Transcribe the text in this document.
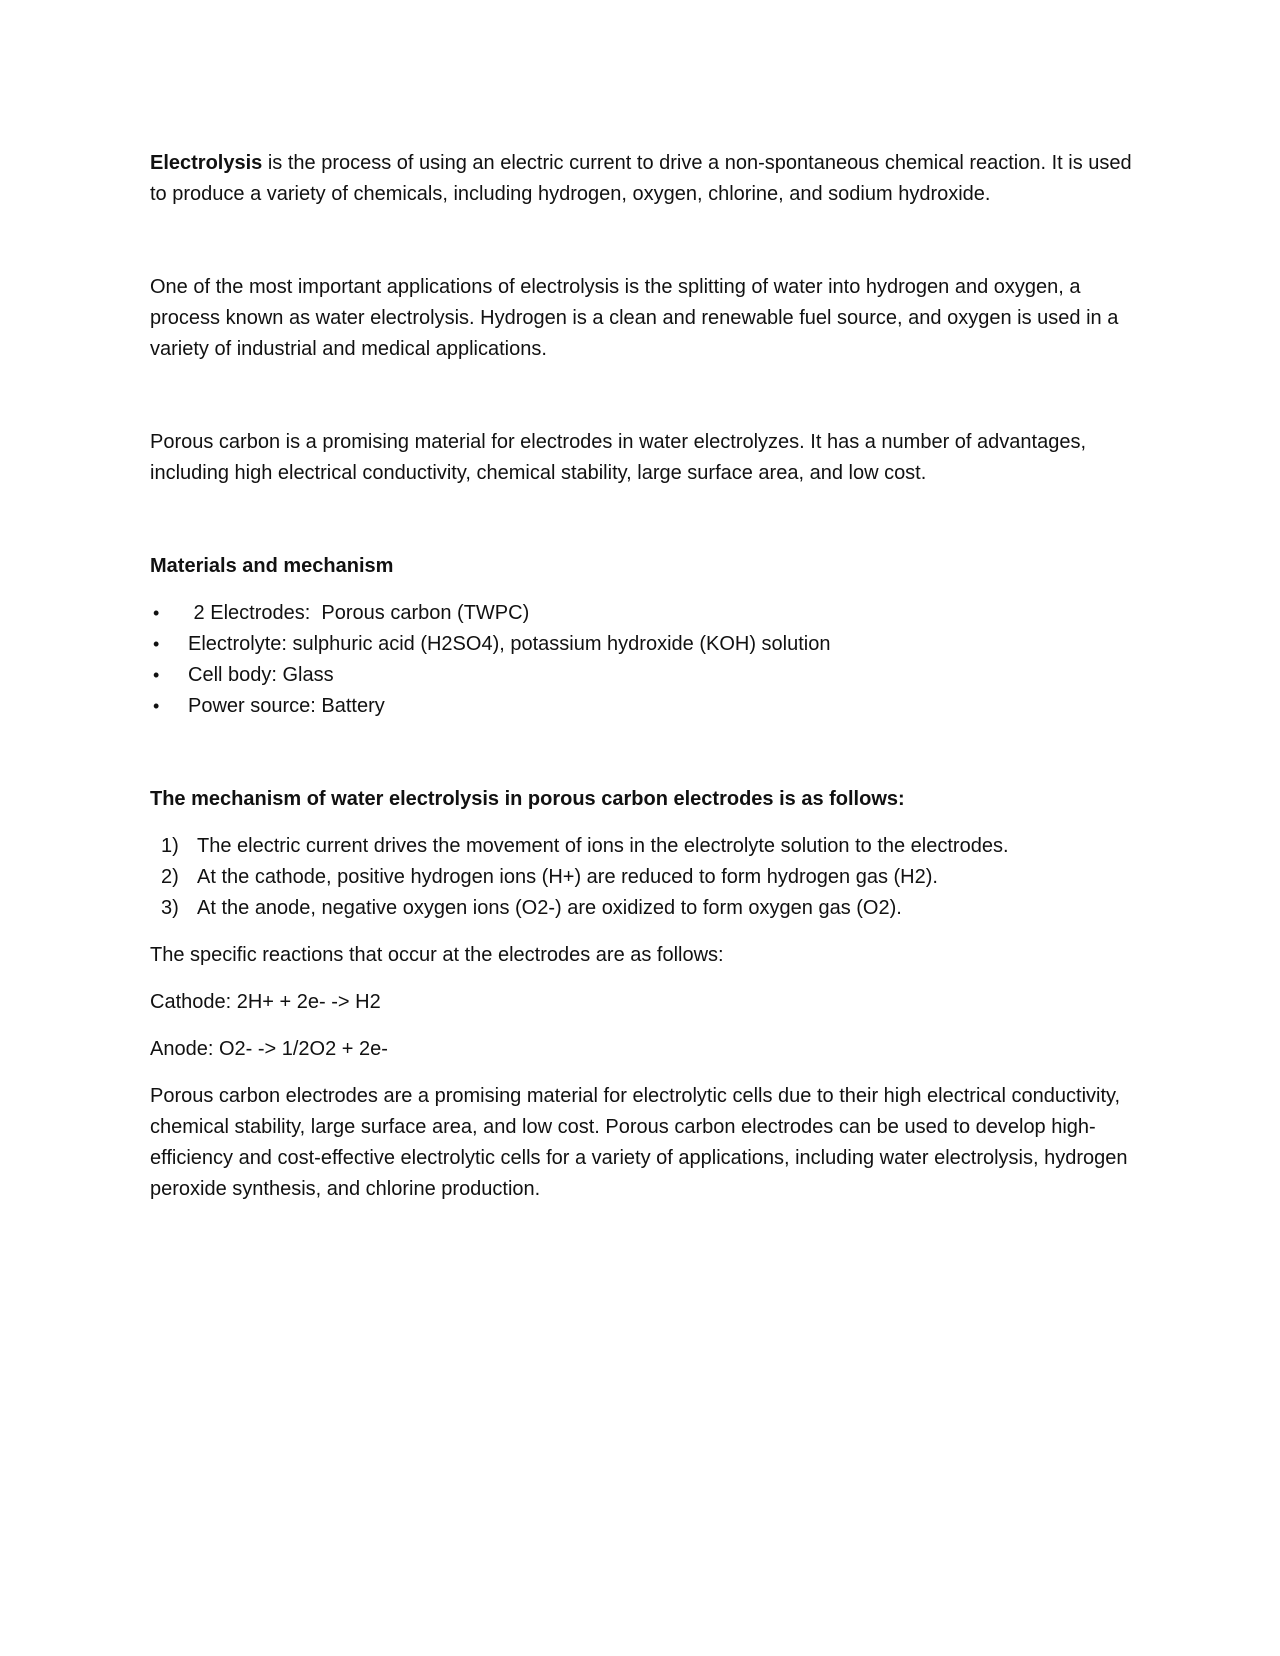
Electrolysis is the process of using an electric current to drive a non-spontaneous chemical reaction. It is used to produce a variety of chemicals, including hydrogen, oxygen, chlorine, and sodium hydroxide.

One of the most important applications of electrolysis is the splitting of water into hydrogen and oxygen, a process known as water electrolysis. Hydrogen is a clean and renewable fuel source, and oxygen is used in a variety of industrial and medical applications.

Porous carbon is a promising material for electrodes in water electrolyzes. It has a number of advantages, including high electrical conductivity, chemical stability, large surface area, and low cost.

Materials and mechanism

• 2 Electrodes:  Porous carbon (TWPC)
• Electrolyte: sulphuric acid (H2SO4), potassium hydroxide (KOH) solution
• Cell body: Glass
• Power source: Battery

The mechanism of water electrolysis in porous carbon electrodes is as follows:

1) The electric current drives the movement of ions in the electrolyte solution to the electrodes.
2) At the cathode, positive hydrogen ions (H+) are reduced to form hydrogen gas (H2).
3) At the anode, negative oxygen ions (O2-) are oxidized to form oxygen gas (O2).

The specific reactions that occur at the electrodes are as follows:

Cathode: 2H+ + 2e- -> H2

Anode: O2- -> 1/2O2 + 2e-

Porous carbon electrodes are a promising material for electrolytic cells due to their high electrical conductivity, chemical stability, large surface area, and low cost. Porous carbon electrodes can be used to develop high-efficiency and cost-effective electrolytic cells for a variety of applications, including water electrolysis, hydrogen peroxide synthesis, and chlorine production.
